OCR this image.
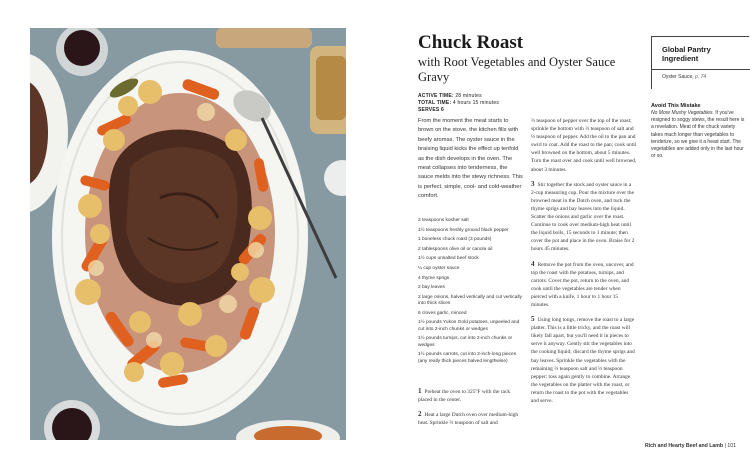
Chuck Roast
with Root Vegetables and Oyster Sauce Gravy
ACTIVE TIME: 28 minutes
TOTAL TIME: 4 hours 15 minutes
SERVES 6

From the moment the meat starts to brown on the stove, the kitchen fills with beefy aromas. The oyster sauce in the braising liquid kicks the effect up tenfold as the dish develops in the oven. The meat collapses into tenderness, the sauce melds into the stewy richness. This is perfect, simple, cool- and cold-weather comfort.

2 teaspoons kosher salt
1½ teaspoons freshly ground black pepper
1 boneless chuck roast (3 pounds)
2 tablespoons olive oil or canola oil
1½ cups unsalted beef stock
¼ cup oyster sauce
4 thyme sprigs
2 bay leaves
2 large onions, halved vertically and cut vertically into thick slices
6 cloves garlic, minced
1½ pounds Yukon Gold potatoes, unpeeled and cut into 2-inch chunks or wedges
1½ pounds turnips, cut into 2-inch chunks or wedges
1½ pounds carrots, cut into 2-inch-long pieces (any really thick pieces halved lengthwise)

1 Preheat the oven to 325°F with the rack placed in the center.

2 Heat a large Dutch oven over medium-high heat. Sprinkle ⅔ teaspoon of salt and

⅔ teaspoon of pepper over the top of the roast; sprinkle the bottom with ⅔ teaspoon of salt and ⅓ teaspoon of pepper. Add the oil to the pan and swirl to coat. Add the roast to the pan; cook until well browned on the bottom, about 5 minutes. Turn the roast over and cook until well browned, about 3 minutes.

3 Stir together the stock and oyster sauce in a 2-cup measuring cup. Pour the mixture over the browned meat in the Dutch oven, and tuck the thyme sprigs and bay leaves into the liquid. Scatter the onions and garlic over the roast. Continue to cook over medium-high heat until the liquid boils, 15 seconds to 1 minute; then cover the pot and place in the oven. Braise for 2 hours 45 minutes.

4 Remove the pot from the oven, uncover, and top the roast with the potatoes, turnips, and carrots. Cover the pot, return to the oven, and cook until the vegetables are tender when pierced with a knife, 1 hour to 1 hour 15 minutes.

5 Using long tongs, remove the roast to a large platter. This is a little tricky, and the roast will likely fall apart, but you'll need it in pieces to serve it anyway. Gently stir the vegetables into the cooking liquid; discard the thyme sprigs and bay leaves. Sprinkle the vegetables with the remaining ⅔ teaspoon salt and ⅓ teaspoon pepper; toss again gently to combine. Arrange the vegetables on the platter with the roast, or return the roast to the pot with the vegetables and serve.

Global Pantry Ingredient
Oyster Sauce, p. 74
Avoid This Mistake

No More Mushy Vegetables. If you've resigned to soggy stews, the result here is a revelation. Meat of the chuck variety takes much longer than vegetables to tenderize, so we give it a head start. The vegetables are added only in the last hour or so.

Rich and Hearty Beef and Lamb | 101
